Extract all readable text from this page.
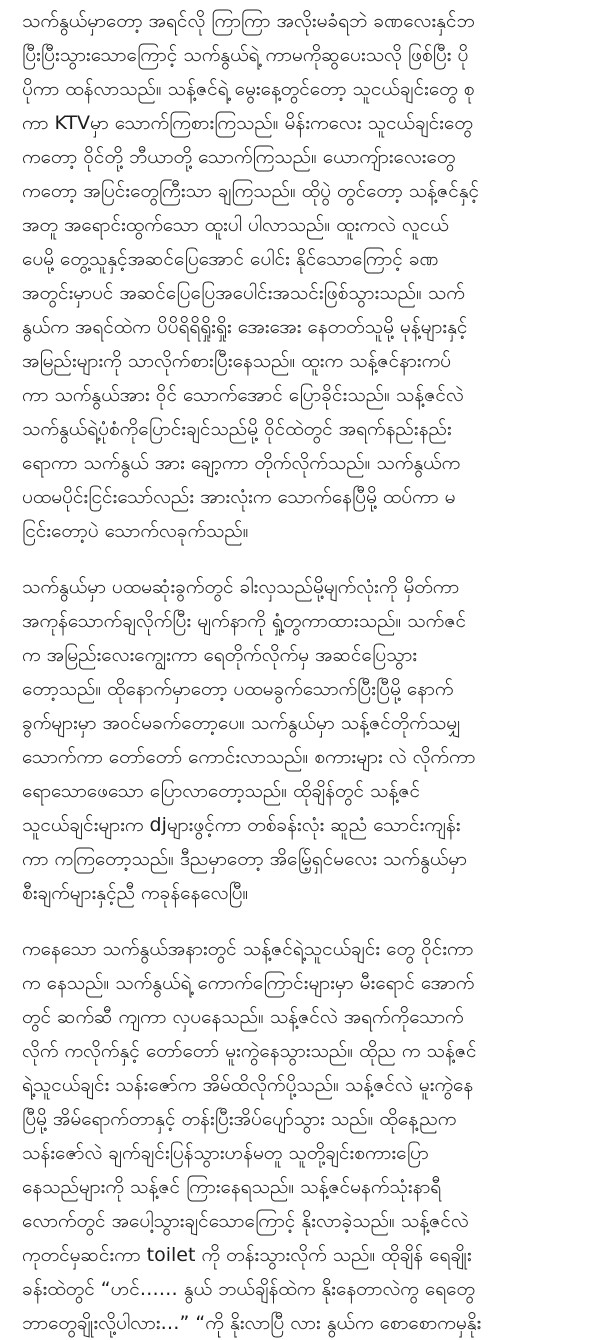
သက်နွယ်မှာတော့ အရင်လို ကြာကြာ အလိုးမခံရဘဲ ခဏလေးနှင်ဘ
ပြီးပြီးသွားသောကြောင့် သက်နွယ်ရဲ့ ကာမကိုဆွပေးသလို ဖြစ်ပြီး ပို
ပိုကာ ထန်လာသည်။ သန့်ဇင်ရဲ့ မွေးနေ့တွင်တော့ သူငယ်ချင်းတွေ စု
ကာ KTVမှာ သောက်ကြစားကြသည်။ မိန်းကလေး သူငယ်ချင်းတွေ
ကတော့ ဝိုင်တို့ ဘီယာတို့ သောက်ကြသည်။ ယောကျ်ားလေးတွေ
ကတော့ အပြင်းတွေကြီးသာ ချကြသည်။ ထိုပွဲ တွင်တော့ သန့်ဇင်နှင့်
အတူ အရောင်းထွက်သော ထူးပါ ပါလာသည်။ ထူးကလဲ လူငယ်
ပေမို့ တွေ့သူနှင့်အဆင်ပြေအောင် ပေါင်း နိုင်သောကြောင့် ခဏ
အတွင်းမှာပင် အဆင်ပြေပြေအပေါင်းအသင်းဖြစ်သွားသည်။ သက်
နွယ်က အရင်ထဲက ပိပိရိရိရှိုးရှိုး အေးအေး နေတတ်သူမို့ မုန့်များနှင့်
အမြည်းများကို သာလိုက်စားပြီးနေသည်။ ထူးက သန့်ဇင်နားကပ်
ကာ သက်နွယ်အား ဝိုင် သောက်အောင် ပြောခိုင်းသည်။ သန့်ဇင်လဲ
သက်နွယ်ရဲ့ပုံစံကိုပြောင်းချင်သည်မို့ ဝိုင်ထဲတွင် အရက်နည်းနည်း
ရောကာ သက်နွယ် အား ချော့ကာ တိုက်လိုက်သည်။ သက်နွယ်က
ပထမပိုင်းငြင်းသော်လည်း အားလုံးက သောက်နေပြီမို့ ထပ်ကာ မ
ငြင်းတော့ပဲ သောက်လခုက်သည်။
သက်နွယ်မှာ ပထမဆုံးခွက်တွင် ခါးလှသည်မို့မျက်လုံးကို မှိတ်ကာ
အကုန်သောက်ချလိုက်ပြီး မျက်နာကို ရှုံ့တွကာထားသည်။ သက်ဇင်
က အမြည်းလေးကျွေးကာ ရေတိုက်လိုက်မှ အဆင်ပြေသွား
တော့သည်။ ထိုနောက်မှာတော့ ပထမခွက်သောက်ပြီးပြီမို့ နောက်
ခွက်များမှာ အဝင်မခက်တော့ပေ။ သက်နွယ်မှာ သန့်ဇင်တိုက်သမျှ
သောက်ကာ တော်တော် ကောင်းလာသည်။ စကားများ လဲ လိုက်ကာ
ရောသောဖေသော ပြောလာတော့သည်။ ထိုချိန်တွင် သန့်ဇင်
သူငယ်ချင်းများက djများဖွင့်ကာ တစ်ခန်းလုံး ဆူညံ သောင်းကျန်း
ကာ ကကြတော့သည်။ ဒီညမှာတော့ အိမ်ြေ့ရှင်မလေး သက်နွယ်မှာ
စီးချက်များနှင့်ညီ ကခုန်နေလေပြီ။
ကနေသော သက်နွယ်အနားတွင် သန့်ဇင်ရဲ့သူငယ်ချင်း တွေ ဝိုင်းကာ
က နေသည်။ သက်နွယ်ရဲ့ ကောက်ကြောင်းများမှာ မီးရောင် အောက်
တွင် ဆက်ဆီ ကျကာ လှပနေသည်။ သန့်ဇင်လဲ အရက်ကိုသောက်
လိုက် ကလိုက်နှင့် တော်တော် မူးကွဲနေသွားသည်။ ထိုည က သန့်ဇင်
ရဲ့သူငယ်ချင်း သန်းဇော်က အိမ်ထိလိုက်ပို့သည်။ သန့်ဇင်လဲ မူးကွဲနေ
ပြီမို့ အိမ်ရောက်တာနှင့် တန်းပြီးအိပ်ပျော်သွား သည်။ ထိုနေ့ညက
သန်းဇော်လဲ ချက်ချင်းပြန်သွားဟန်မတူ သူတို့ချင်းစကားပြော
နေသည်များကို သန့်ဇင် ကြားနေရသည်။ သန့်ဇင်မနက်သုံးနာရီ
လောက်တွင် အပေါ့သွားချင်သောကြောင့် နိုးလာခဲ့သည်။ သန့်ဇင်လဲ
ကုတင်မှဆင်းကာ toilet ကို တန်းသွားလိုက် သည်။ ထိုချိန် ရေချိုး
ခန်းထဲတွင် “ဟင်…… နွယ် ဘယ်ချိန်ထဲက နိုးနေတာလဲကွ ရေတွေ
ဘာတွေချိုးလို့ပါလား…” “ကို နိုးလာပြီ လား နွယ်က စောစောကမှနိုး
